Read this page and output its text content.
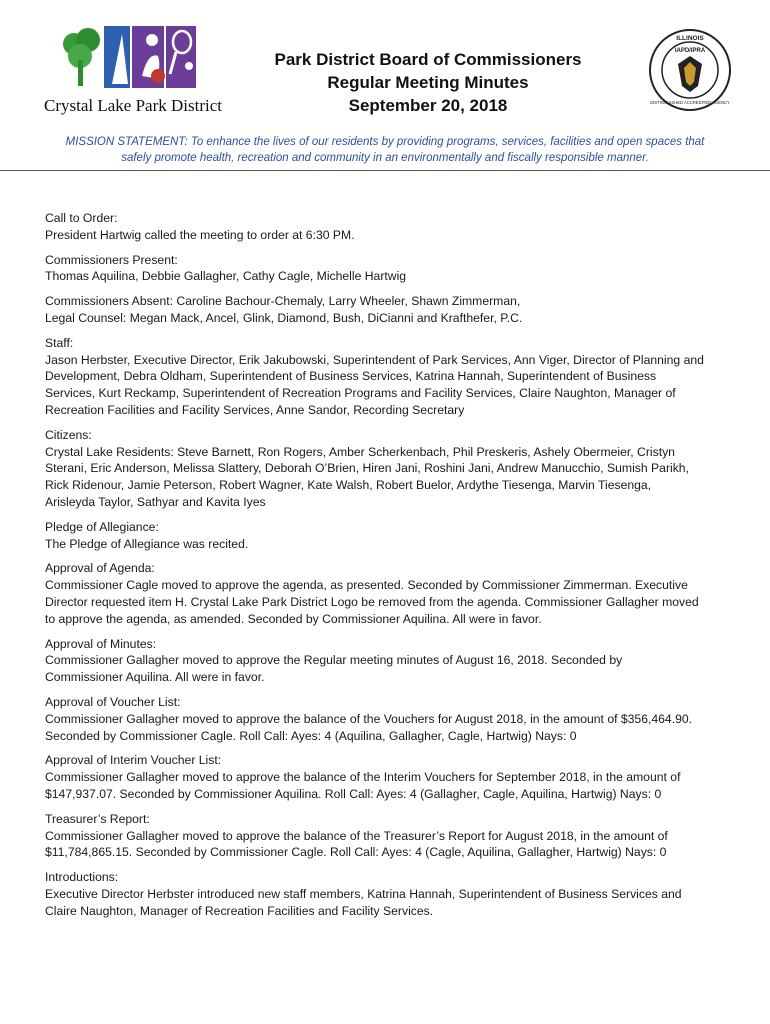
Crystal Lake Park District
Park District Board of Commissioners
Regular Meeting Minutes
September 20, 2018
ILLINOIS
IAPD/IPRA
DISTINGUISHED ACCREDITED AGENCY
MISSION STATEMENT: To enhance the lives of our residents by providing programs, services, facilities and open spaces that
safely promote health, recreation and community in an environmentally and fiscally responsible manner.
Call to Order:
President Hartwig called the meeting to order at 6:30 PM.
Commissioners Present:
Thomas Aquilina, Debbie Gallagher, Cathy Cagle, Michelle Hartwig
Commissioners Absent: Caroline Bachour-Chemaly, Larry Wheeler, Shawn Zimmerman,
Legal Counsel: Megan Mack, Ancel, Glink, Diamond, Bush, DiCianni and Krafthefer, P.C.
Staff:
Jason Herbster, Executive Director, Erik Jakubowski, Superintendent of Park Services, Ann Viger, Director of Planning and
Development, Debra Oldham, Superintendent of Business Services, Katrina Hannah, Superintendent of Business
Services, Kurt Reckamp, Superintendent of Recreation Programs and Facility Services, Claire Naughton, Manager of
Recreation Facilities and Facility Services, Anne Sandor, Recording Secretary
Citizens:
Crystal Lake Residents: Steve Barnett, Ron Rogers, Amber Scherkenbach, Phil Preskeris, Ashely Obermeier, Cristyn
Sterani, Eric Anderson, Melissa Slattery, Deborah O’Brien, Hiren Jani, Roshini Jani, Andrew Manucchio, Sumish Parikh,
Rick Ridenour, Jamie Peterson, Robert Wagner, Kate Walsh, Robert Buelor, Ardythe Tiesenga, Marvin Tiesenga,
Arisleyda Taylor, Sathyar and Kavita Iyes
Pledge of Allegiance:
The Pledge of Allegiance was recited.
Approval of Agenda:
Commissioner Cagle moved to approve the agenda, as presented. Seconded by Commissioner Zimmerman. Executive
Director requested item H. Crystal Lake Park District Logo be removed from the agenda. Commissioner Gallagher moved
to approve the agenda, as amended. Seconded by Commissioner Aquilina. All were in favor.
Approval of Minutes:
Commissioner Gallagher moved to approve the Regular meeting minutes of August 16, 2018. Seconded by
Commissioner Aquilina. All were in favor.
Approval of Voucher List:
Commissioner Gallagher moved to approve the balance of the Vouchers for August 2018, in the amount of $356,464.90.
Seconded by Commissioner Cagle. Roll Call: Ayes: 4 (Aquilina, Gallagher, Cagle, Hartwig) Nays: 0
Approval of Interim Voucher List:
Commissioner Gallagher moved to approve the balance of the Interim Vouchers for September 2018, in the amount of
$147,937.07. Seconded by Commissioner Aquilina. Roll Call: Ayes: 4 (Gallagher, Cagle, Aquilina, Hartwig) Nays: 0
Treasurer’s Report:
Commissioner Gallagher moved to approve the balance of the Treasurer’s Report for August 2018, in the amount of
$11,784,865.15. Seconded by Commissioner Cagle. Roll Call: Ayes: 4 (Cagle, Aquilina, Gallagher, Hartwig) Nays: 0
Introductions:
Executive Director Herbster introduced new staff members, Katrina Hannah, Superintendent of Business Services and
Claire Naughton, Manager of Recreation Facilities and Facility Services.
